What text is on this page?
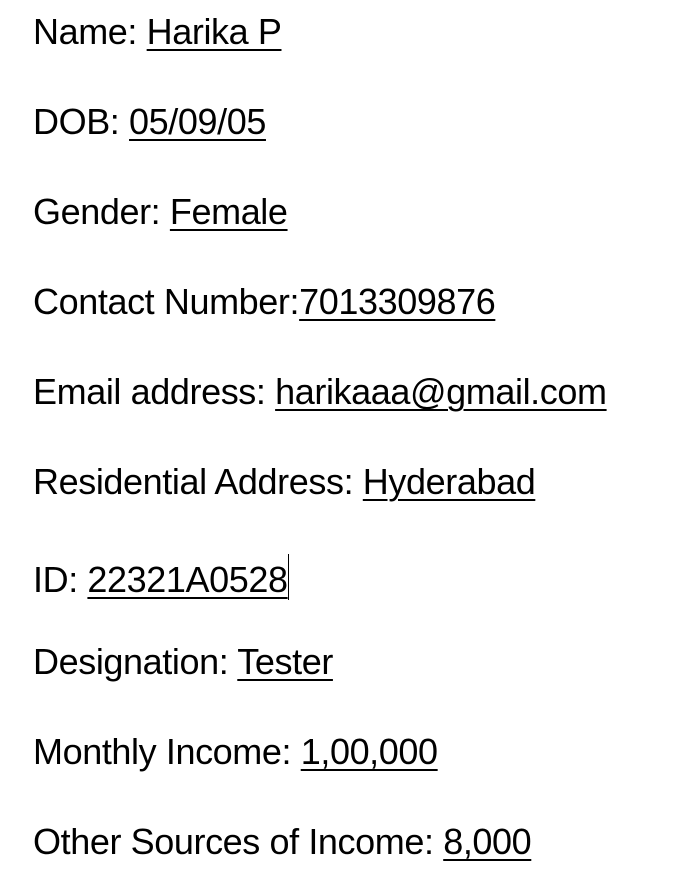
Name: Harika P
DOB: 05/09/05
Gender: Female
Contact Number:7013309876
Email address: harikaaa@gmail.com
Residential Address: Hyderabad
ID: 22321A0528
Designation: Tester
Monthly Income: 1,00,000
Other Sources of Income: 8,000
